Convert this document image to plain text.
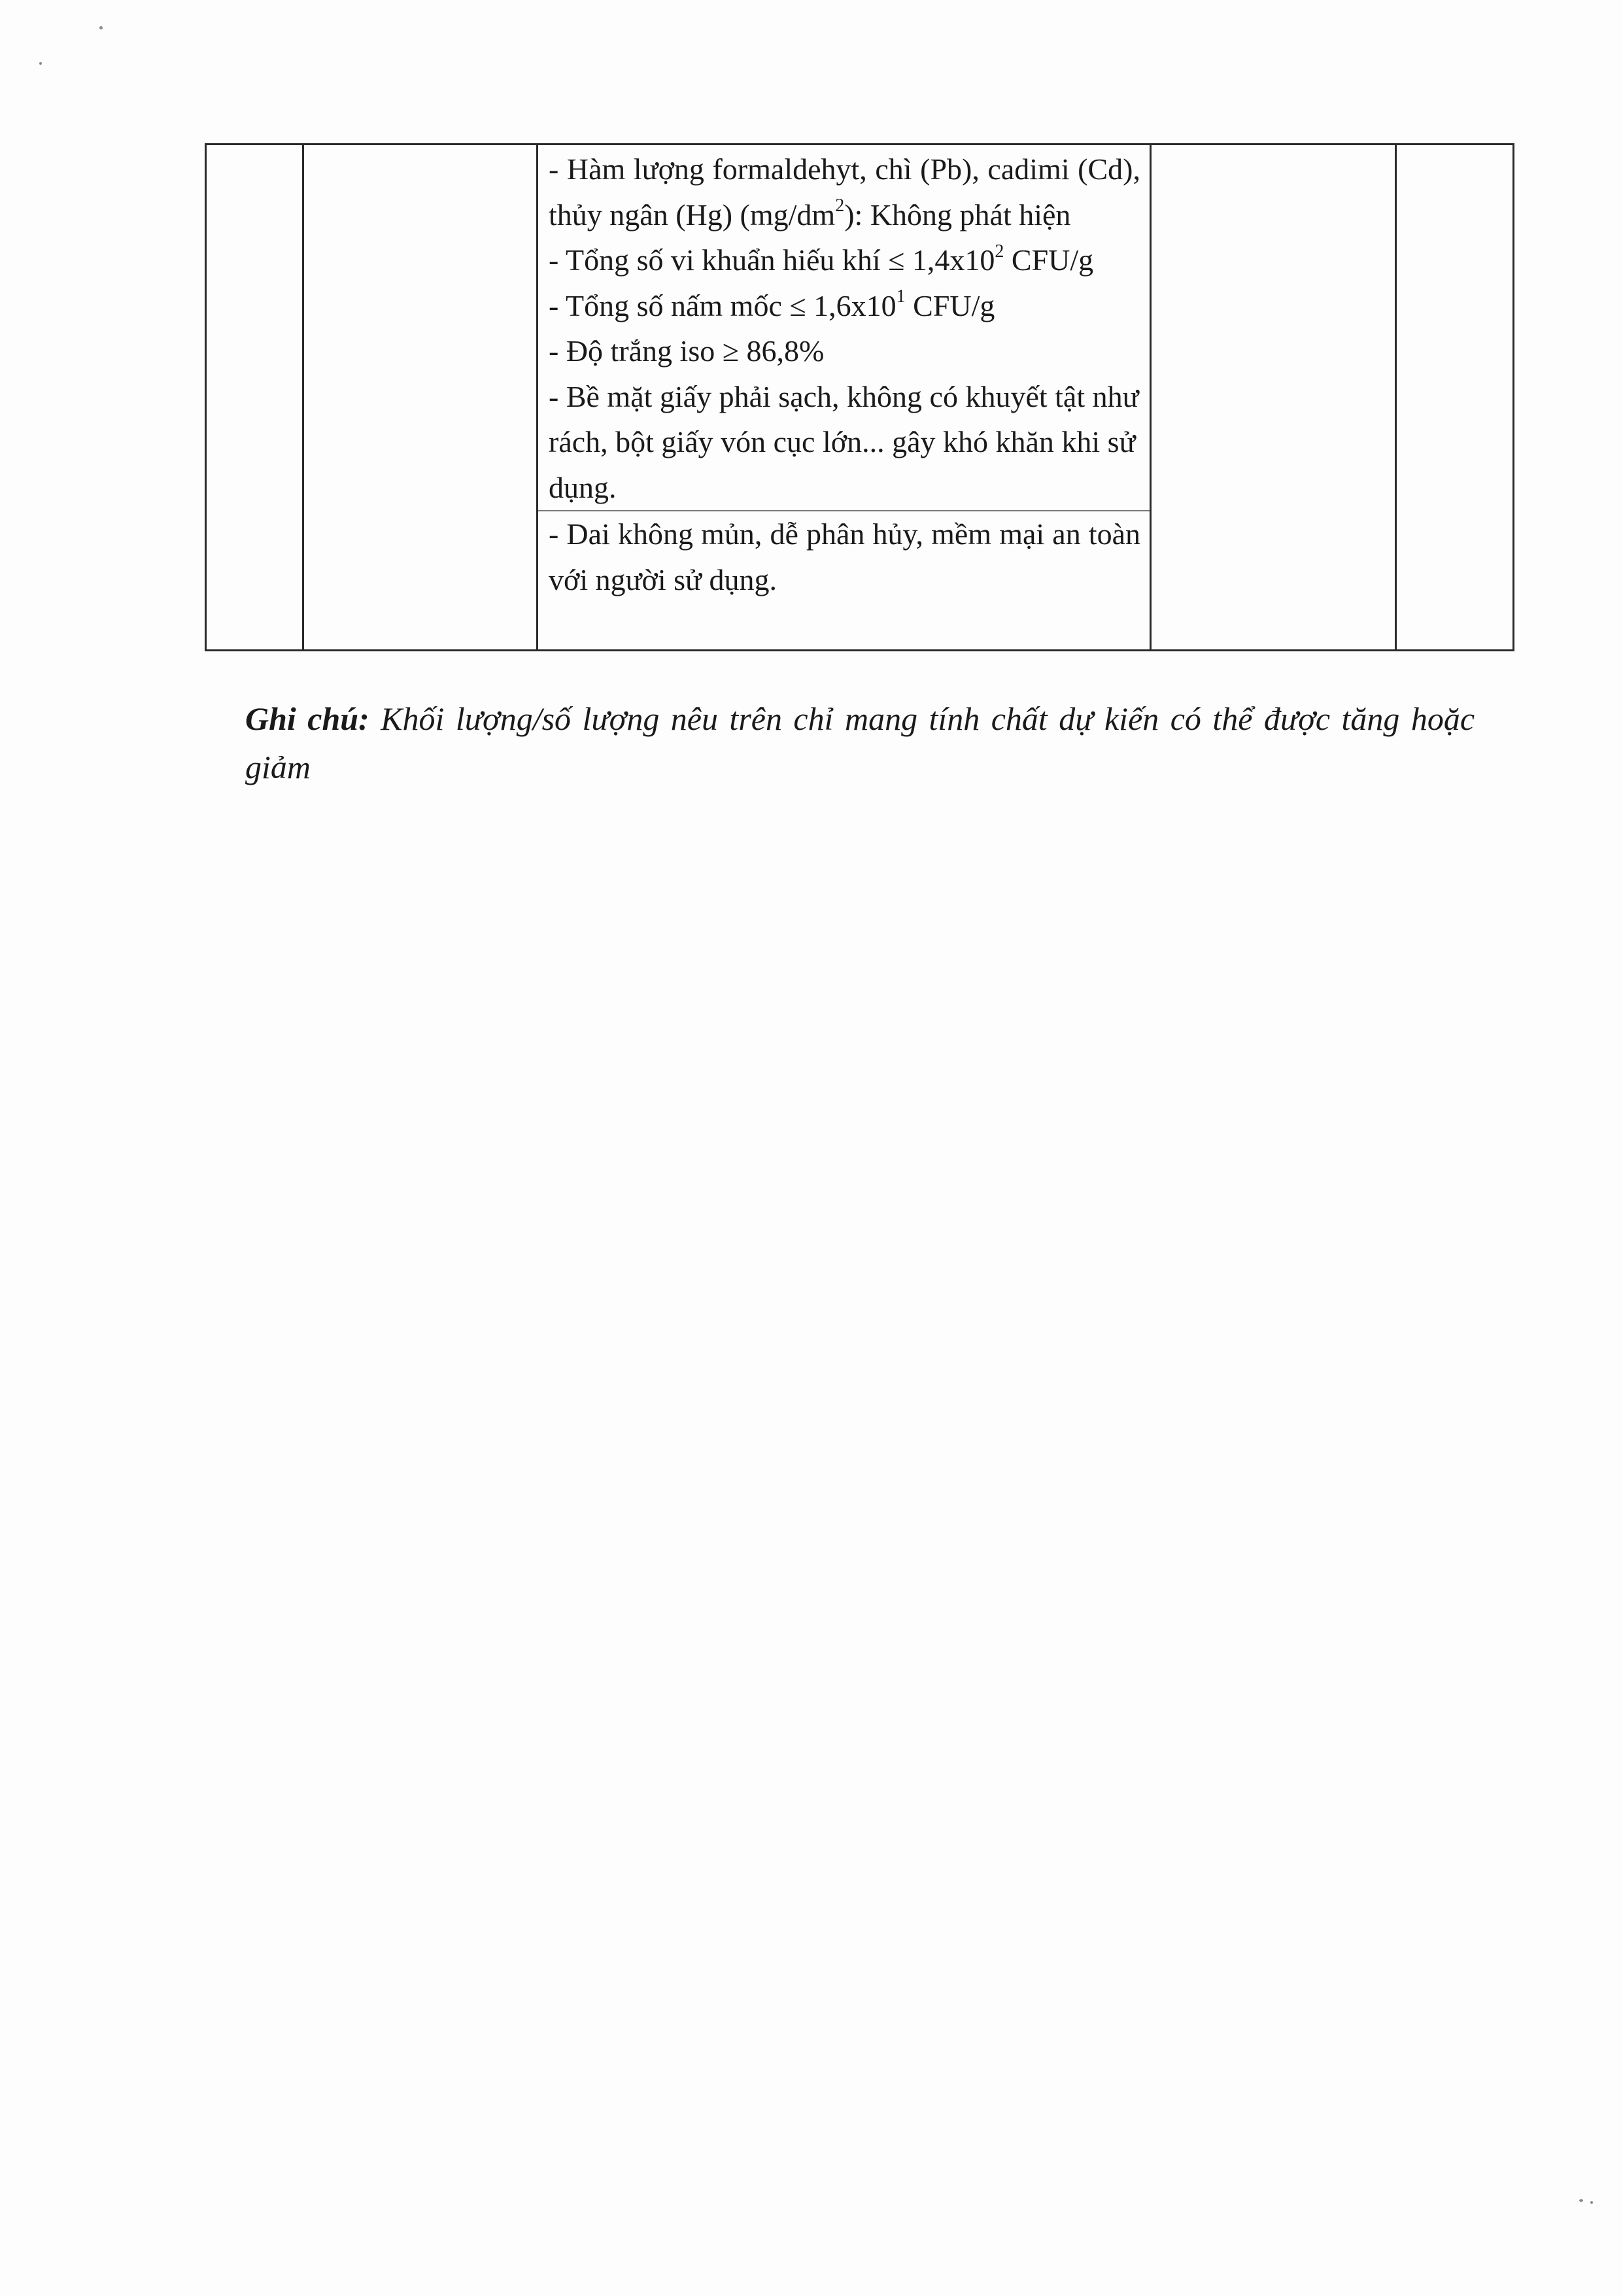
- Hàm lượng formaldehyt, chì (Pb), cadimi (Cd), thủy ngân (Hg) $(mg/dm^2)$: Không phát hiện
- Tổng số vi khuẩn hiếu khí ≤ $1,4x10^2$ CFU/g
- Tổng số nấm mốc ≤ $1,6x10^1$ CFU/g
- Độ trắng iso ≥ 86,8%
- Bề mặt giấy phải sạch, không có khuyết tật như rách, bột giấy vón cục lớn... gây khó khăn khi sử dụng.
- Dai không mủn, dễ phân hủy, mềm mại an toàn với người sử dụng.

Ghi chú: Khối lượng/số lượng nêu trên chỉ mang tính chất dự kiến có thể được tăng hoặc giảm
